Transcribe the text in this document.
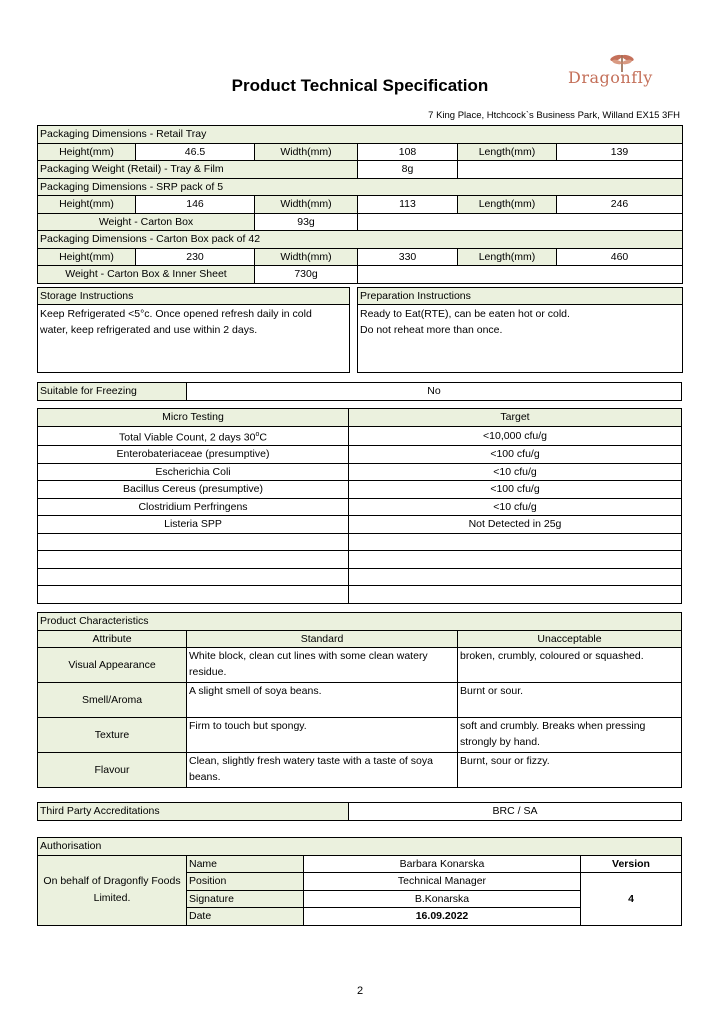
Product Technical Specification	Dragonfly
7 King Place, Htchcock`s Business Park, Willand EX15 3FH
Packaging Dimensions - Retail Tray					
Height(mm)	46.5	Width(mm)	108	Length(mm)	139
Packaging Weight (Retail) - Tray & Film			8g		
Packaging Dimensions - SRP pack of 5					
Height(mm)	146	Width(mm)	113	Length(mm)	246
Weight - Carton Box		93g			
Packaging Dimensions - Carton Box pack of 42					
Height(mm)	230	Width(mm)	330	Length(mm)	460
Weight - Carton Box & Inner Sheet		730g			
Storage Instructions
Keep Refrigerated <5°c. Once opened refresh daily in cold
water, keep refrigerated and use within 2 days.
Preparation Instructions
Ready to Eat(RTE), can be eaten hot or cold.
Do not reheat more than once.
Suitable for Freezing	No
Micro Testing	Target
Total Viable Count, 2 days $30^oC$	<10,000 cfu/g
Enterobateriaceae (presumptive)	<100 cfu/g
Escherichia Coli	<10 cfu/g
Bacillus Cereus (presumptive)	<100 cfu/g
Clostridium Perfringens	<10 cfu/g
Listeria SPP	Not Detected in 25g

Product Characteristics		
Attribute	Standard	Unacceptable
Visual Appearance	White block, clean cut lines with some clean watery residue.	broken, crumbly, coloured or squashed.
Smell/Aroma	A slight smell of soya beans.	Burnt or sour.
Texture	Firm to touch but spongy.	soft and crumbly. Breaks when pressing strongly by hand.
Flavour	Clean, slightly fresh watery taste with a taste of soya beans.	Burnt, sour or fizzy.
Third Party Accreditations	BRC / SA
Authorisation			
On behalf of Dragonfly Foods Limited.	Name	Barbara Konarska	Version
	Position	Technical Manager	4
	Signature	B.Konarska	
	Date	16.09.2022	
2
